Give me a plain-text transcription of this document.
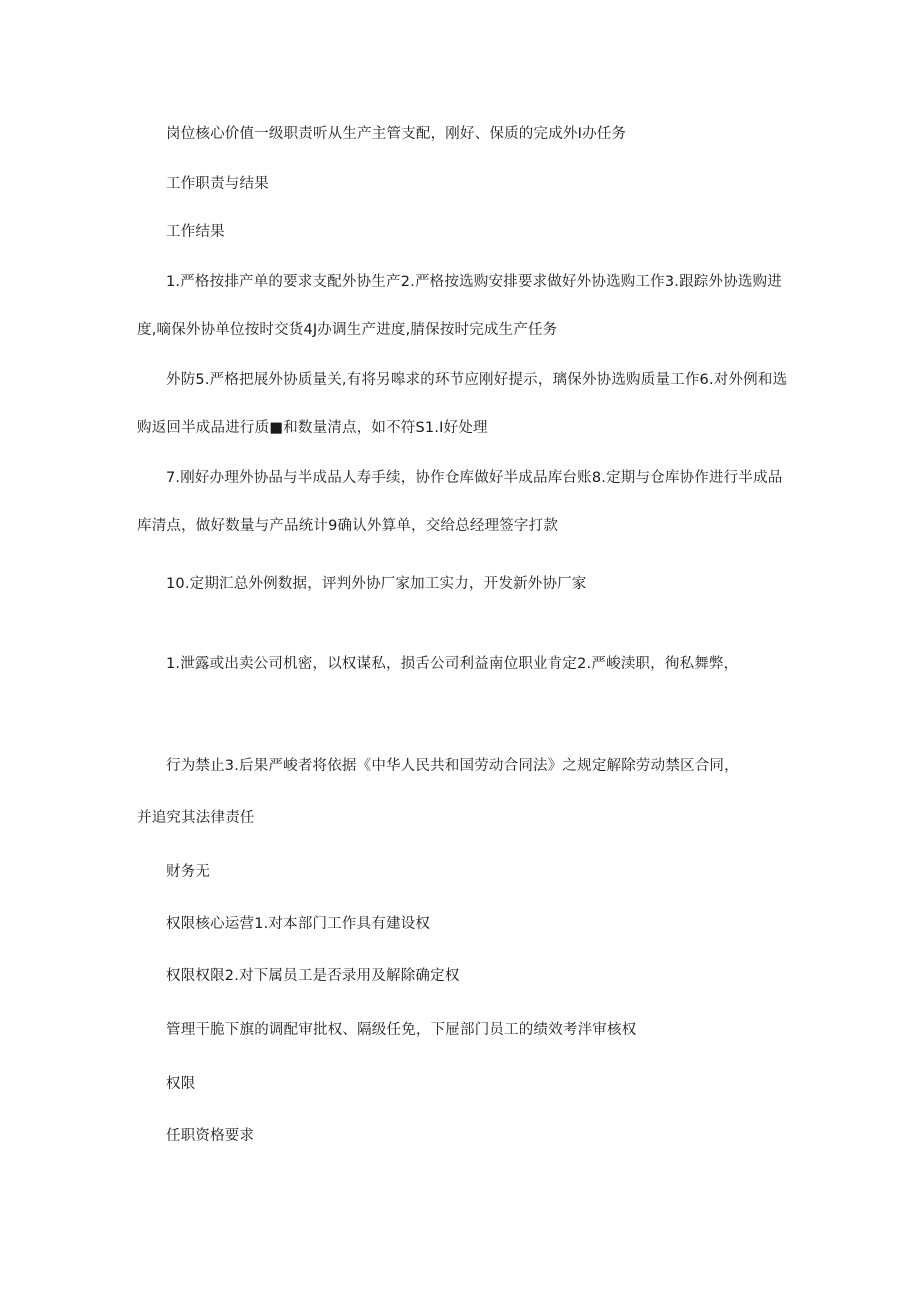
岗位核心价值一级职责听从生产主管支配，刚好、保质的完成外I办任务
工作职责与结果
工作结果
1.严格按排产单的要求支配外协生产2.严格按选购安排要求做好外协选购工作3.跟踪外协选购进
度,嘀保外协单位按时交货4J办调生产进度,腈保按时完成生产任务
外防5.严格把展外协质量关,有将另嗥求的环节应刚好提示，璃保外协选购质量工作6.对外例和选
购返回半成品进行质■和数量清点，如不符S1.I好处理
7.刚好办理外协品与半成品人寿手续，协作仓库做好半成品库台账8.定期与仓库协作进行半成品
库清点，做好数量与产品统计9确认外算单，交给总经理签字打款
10.定期汇总外例数据，评判外协厂家加工实力，开发新外协厂家
1.泄露或出卖公司机密，以权谋私，损舌公司利益南位职业肯定2.严峻渎职，徇私舞弊，
行为禁止3.后果严峻者将依据《中华人民共和国劳动合同法》之规定解除劳动禁区合同，
并追究其法律责任
财务无
权限核心运营1.对本部门工作具有建设权
权限权限2.对下属员工是否录用及解除确定权
管理干脆下旗的调配审批权、隔级任免，下屉部门员工的绩效考泮审核权
权限
任职资格要求
